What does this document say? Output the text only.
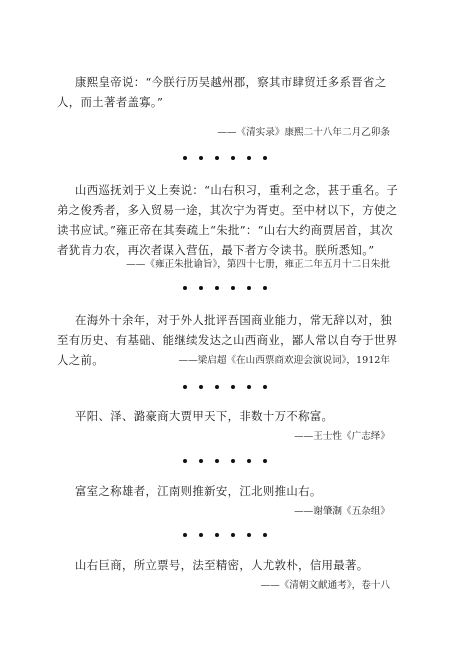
康熙皇帝说：“今朕行历吴越州郡，察其市肆贸迁多系晋省之人，而土著者盖寡。”

——《清实录》康熙二十八年二月乙卯条

山西巡抚刘于义上奏说：“山右积习，重利之念，甚于重名。子弟之俊秀者，多入贸易一途，其次宁为胥吏。至中材以下，方使之读书应试。”雍正帝在其奏疏上“朱批”：“山右大约商贾居首，其次者犹肯力农，再次者谋入营伍，最下者方令读书。朕所悉知。”

——《雍正朱批谕旨》，第四十七册，雍正二年五月十二日朱批

在海外十余年，对于外人批评吾国商业能力，常无辞以对，独至有历史、有基础、能继续发达之山西商业，鄙人常以自夸于世界人之前。	——梁启超《在山西票商欢迎会演说词》，1912年

平阳、泽、潞豪商大贾甲天下，非数十万不称富。

——王士性《广志绎》

富室之称雄者，江南则推新安，江北则推山右。

——谢肇淛《五杂组》

山右巨商，所立票号，法至精密，人尤敦朴，信用最著。

——《清朝文献通考》，卷十八
